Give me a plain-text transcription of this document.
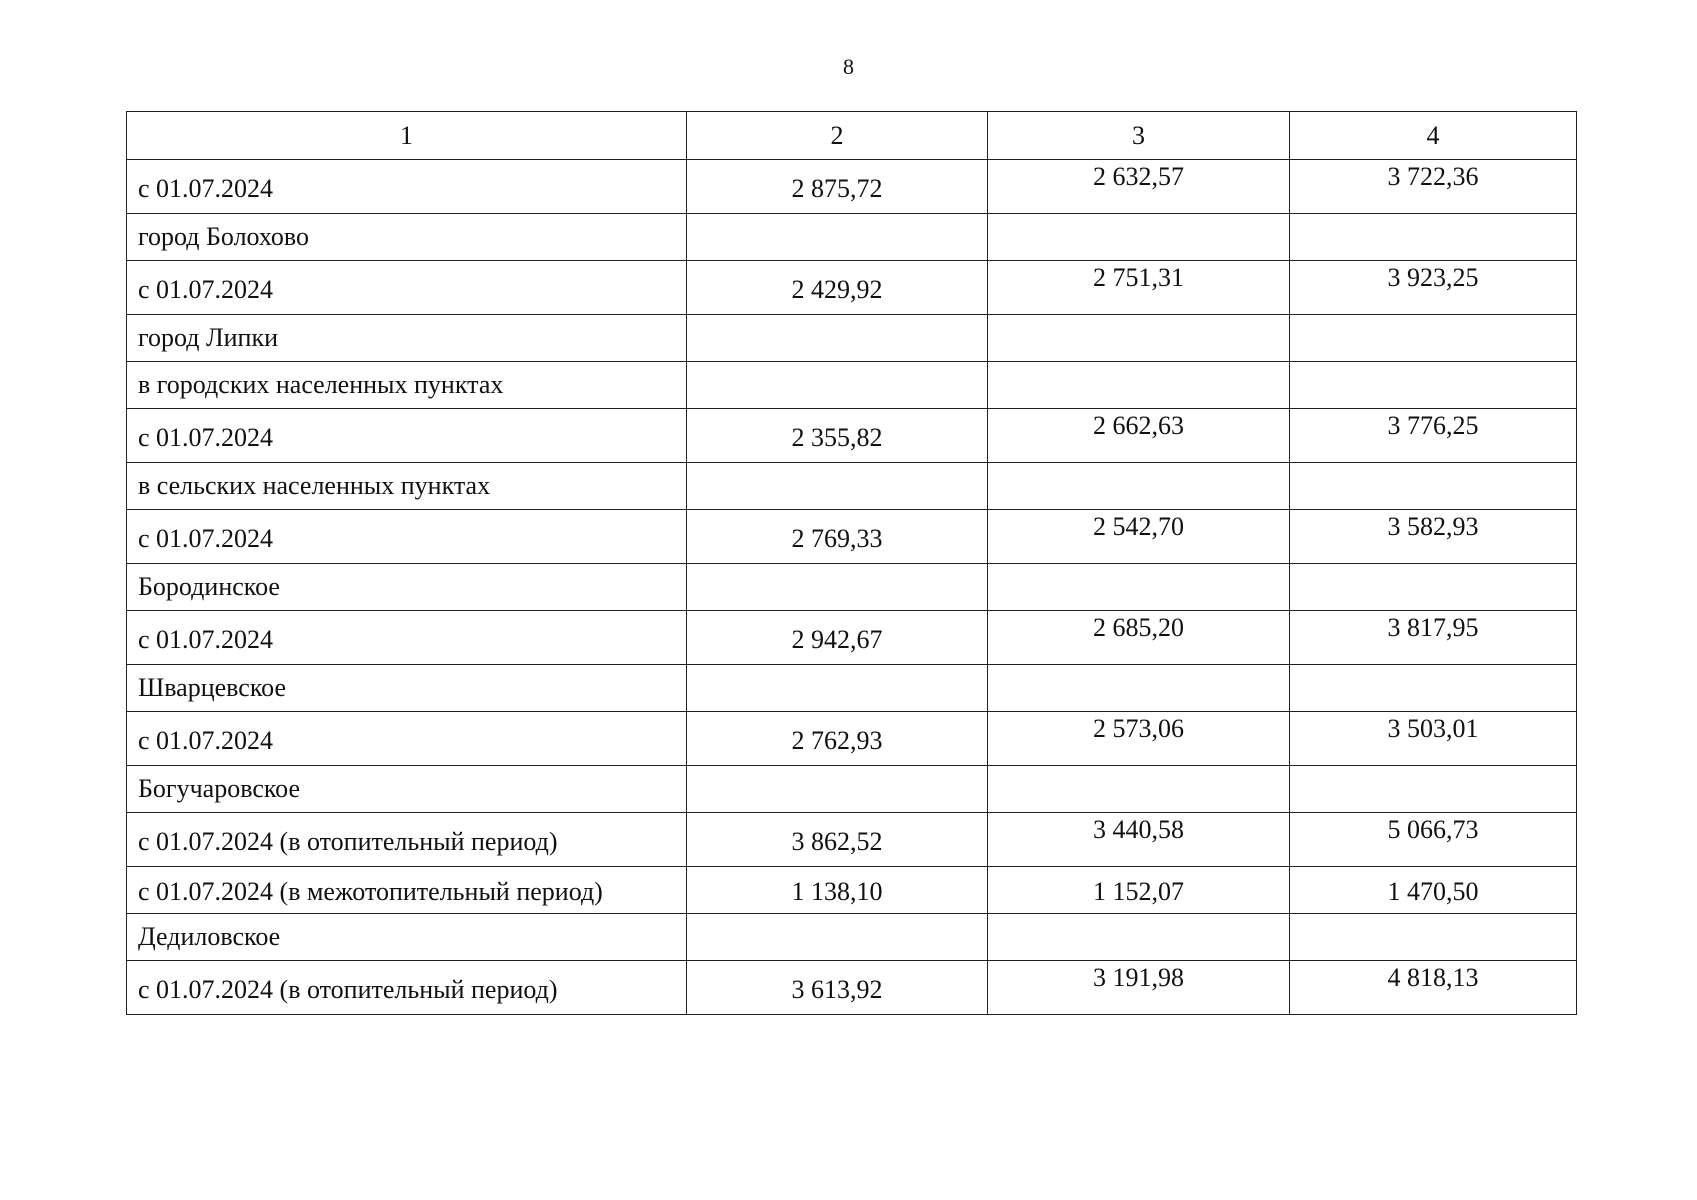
8
1	2	3	4
с 01.07.2024	2 875,72	2 632,57	3 722,36
город Болохово			
с 01.07.2024	2 429,92	2 751,31	3 923,25
город Липки			
в городских населенных пунктах			
с 01.07.2024	2 355,82	2 662,63	3 776,25
в сельских населенных пунктах			
с 01.07.2024	2 769,33	2 542,70	3 582,93
Бородинское			
с 01.07.2024	2 942,67	2 685,20	3 817,95
Шварцевское			
с 01.07.2024	2 762,93	2 573,06	3 503,01
Богучаровское			
с 01.07.2024 (в отопительный период)	3 862,52	3 440,58	5 066,73
с 01.07.2024 (в межотопительный период)	1 138,10	1 152,07	1 470,50
Дедиловское			
с 01.07.2024 (в отопительный период)	3 613,92	3 191,98	4 818,13
